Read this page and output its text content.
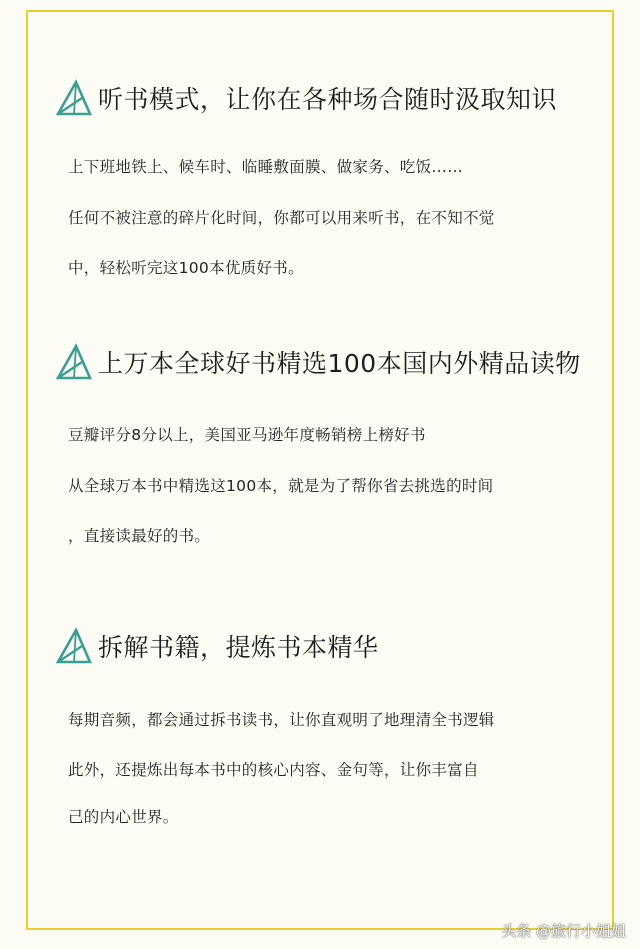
听书模式，让你在各种场合随时汲取知识
上下班地铁上、候车时、临睡敷面膜、做家务、吃饭……
任何不被注意的碎片化时间，你都可以用来听书，在不知不觉
中，轻松听完这100本优质好书。
上万本全球好书精选100本国内外精品读物
豆瓣评分8分以上，美国亚马逊年度畅销榜上榜好书
从全球万本书中精选这100本，就是为了帮你省去挑选的时间
，直接读最好的书。
拆解书籍，提炼书本精华
每期音频，都会通过拆书读书，让你直观明了地理清全书逻辑
此外，还提炼出每本书中的核心内容、金句等，让你丰富自
己的内心世界。
头条 @旅行小姐姐
